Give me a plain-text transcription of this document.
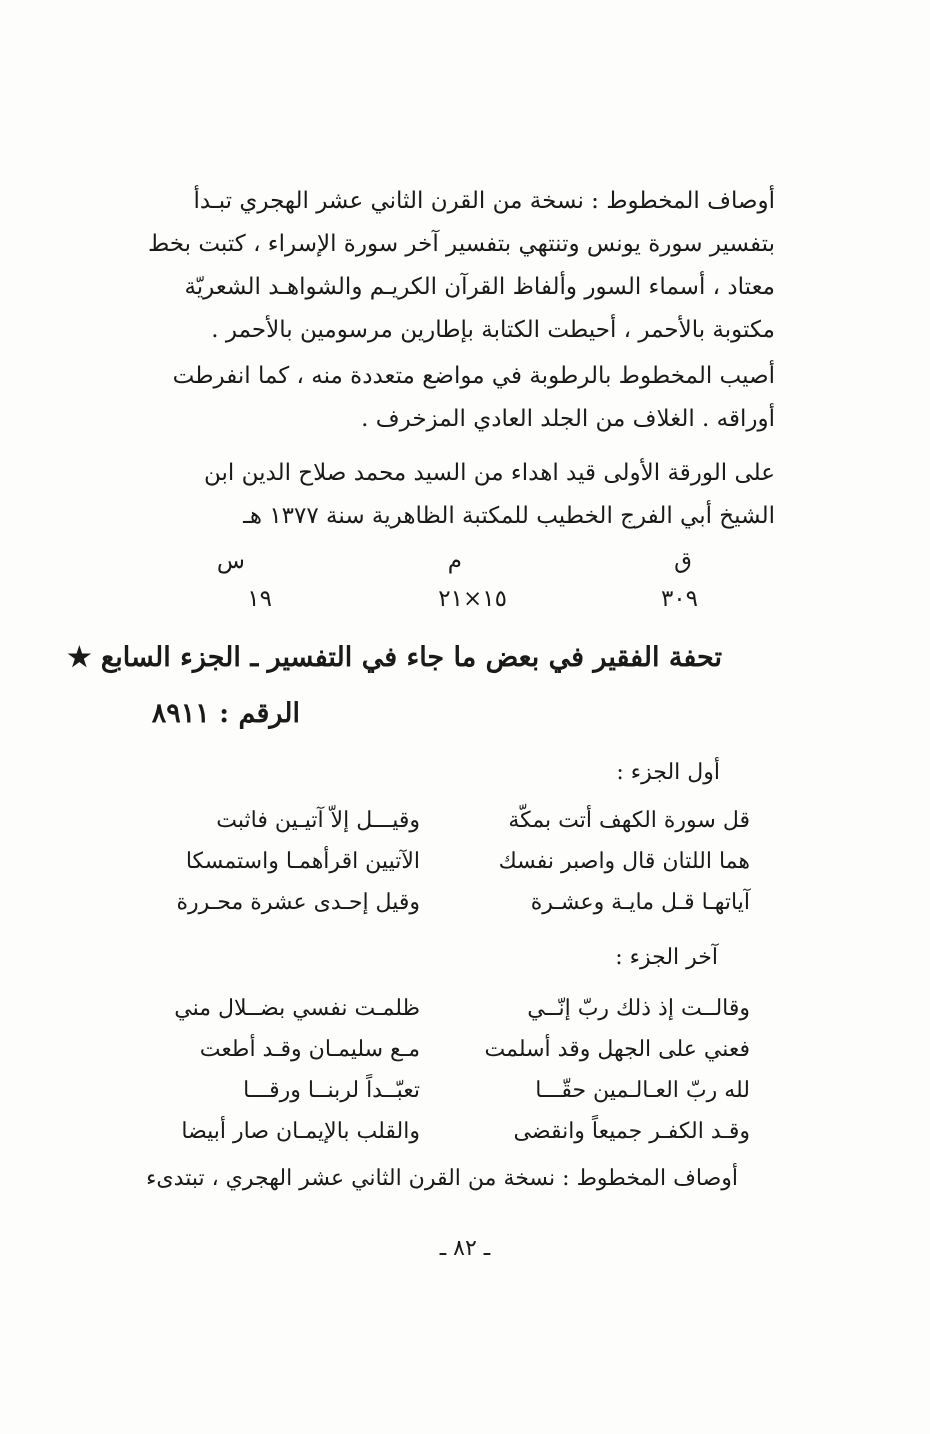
أوصاف المخطوط : نسخة من القرن الثاني عشر الهجري تبـدأ
بتفسير سورة يونس وتنتهي بتفسير آخر سورة الإسراء ، كتبت بخط
معتاد ، أسماء السور وألفاظ القرآن الكريـم والشواهـد الشعريّة
مكتوبة بالأحمر ، أحيطت الكتابة بإطارين مرسومين بالأحمر .
أصيب المخطوط بالرطوبة في مواضع متعددة منه ، كما انفرطت
أوراقه . الغلاف من الجلد العادي المزخرف .
على الورقة الأولى قيد اهداء من السيد محمد صلاح الدين ابن
الشيخ أبي الفرج الخطيب للمكتبة الظاهرية سنة ١٣٧٧ هـ
ق
م
س
٣٠٩
١٥×٢١
١٩
تحفة الفقير في بعض ما جاء في التفسير ـ الجزء السابع ★
الرقم : ٨٩١١
أول الجزء :
قل سورة الكهف أتت بمكّة
وقيـــل إلاّ آتيـين فاثبت
هما اللتان قال واصبر نفسك
الآتيين اقرأهمـا واستمسكا
آياتهـا قـل مايـة وعشـرة
وقيل إحـدى عشرة محـررة
آخر الجزء :
وقالــت إذ ذلك ربّ إنّــي
ظلمـت نفسي بضــلال مني
فعني على الجهل وقد أسلمت
مـع سليمـان وقـد أطعت
لله ربّ العـالـمين حقّـــا
تعبّــداً لربنــا ورقـــا
وقـد الكفـر جميعاً وانقضى
والقلب بالإيمـان صار أبيضا
أوصاف المخطوط : نسخة من القرن الثاني عشر الهجري ، تبتدىء
ـ ٨٢ ـ
